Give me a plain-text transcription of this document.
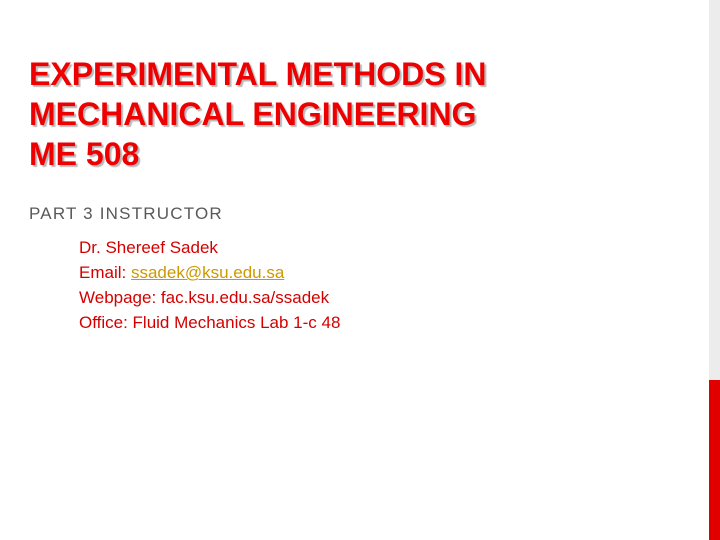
EXPERIMENTAL METHODS IN
MECHANICAL ENGINEERING
ME 508

PART 3 INSTRUCTOR

Dr. Shereef Sadek
Email: ssadek@ksu.edu.sa
Webpage: fac.ksu.edu.sa/ssadek
Office: Fluid Mechanics Lab 1-c 48
